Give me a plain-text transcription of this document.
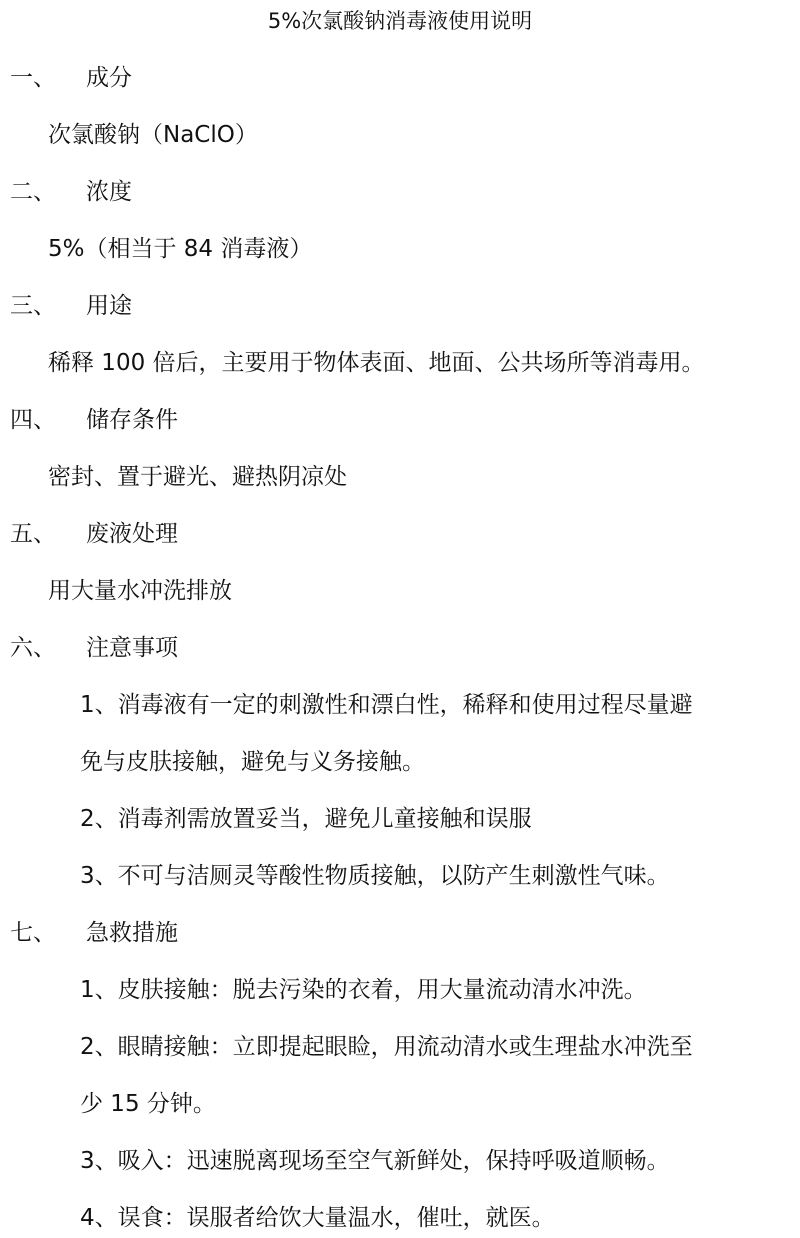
5%次氯酸钠消毒液使用说明
一、 成分
次氯酸钠（NaClO）
二、 浓度
5%（相当于 84 消毒液）
三、 用途
稀释 100 倍后，主要用于物体表面、地面、公共场所等消毒用。
四、 储存条件
密封、置于避光、避热阴凉处
五、 废液处理
用大量水冲洗排放
六、 注意事项
1、消毒液有一定的刺激性和漂白性，稀释和使用过程尽量避
免与皮肤接触，避免与义务接触。
2、消毒剂需放置妥当，避免儿童接触和误服
3、不可与洁厕灵等酸性物质接触，以防产生刺激性气味。
七、 急救措施
1、皮肤接触：脱去污染的衣着，用大量流动清水冲洗。
2、眼睛接触：立即提起眼睑，用流动清水或生理盐水冲洗至
少 15 分钟。
3、吸入：迅速脱离现场至空气新鲜处，保持呼吸道顺畅。
4、误食：误服者给饮大量温水，催吐，就医。
